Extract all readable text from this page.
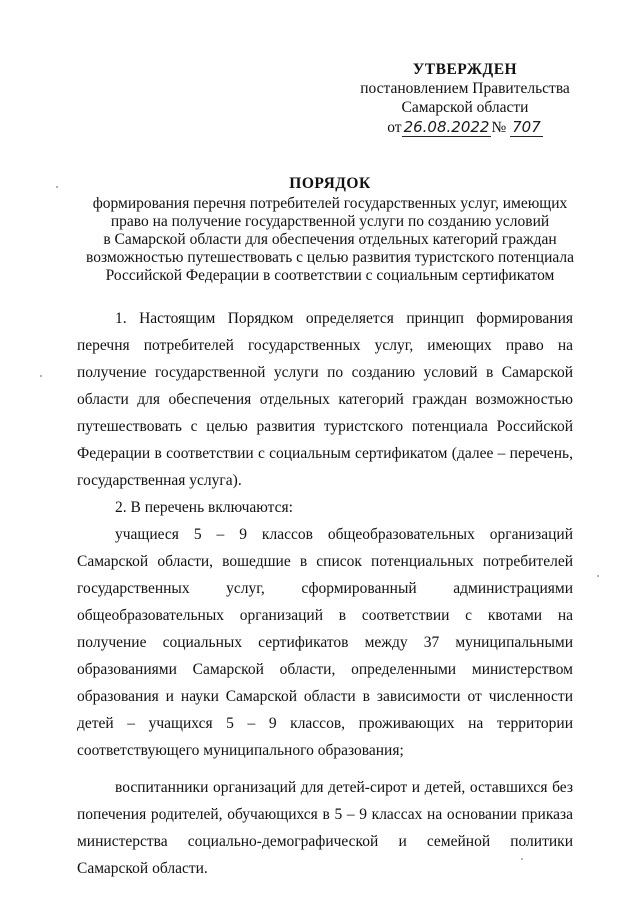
УТВЕРЖДЕН
постановлением Правительства
Самарской области
от 26.08.2022 № 707
ПОРЯДОК
формирования перечня потребителей государственных услуг, имеющих
право на получение государственной услуги по созданию условий
в Самарской области для обеспечения отдельных категорий граждан
возможностью путешествовать с целью развития туристского потенциала
Российской Федерации в соответствии с социальным сертификатом

1. Настоящим Порядком определяется принцип формирования перечня потребителей государственных услуг, имеющих право на получение государственной услуги по созданию условий в Самарской области для обеспечения отдельных категорий граждан возможностью путешествовать с целью развития туристского потенциала Российской Федерации в соответствии с социальным сертификатом (далее – перечень, государственная услуга).

2. В перечень включаются:

учащиеся 5 – 9 классов общеобразовательных организаций Самарской области, вошедшие в список потенциальных потребителей государственных услуг, сформированный администрациями общеобразовательных организаций в соответствии с квотами на получение социальных сертификатов между 37 муниципальными образованиями Самарской области, определенными министерством образования и науки Самарской области в зависимости от численности детей – учащихся 5 – 9 классов, проживающих на территории соответствующего муниципального образования;

воспитанники организаций для детей-сирот и детей, оставшихся без попечения родителей, обучающихся в 5 – 9 классах на основании приказа министерства социально-демографической и семейной политики Самарской области.
